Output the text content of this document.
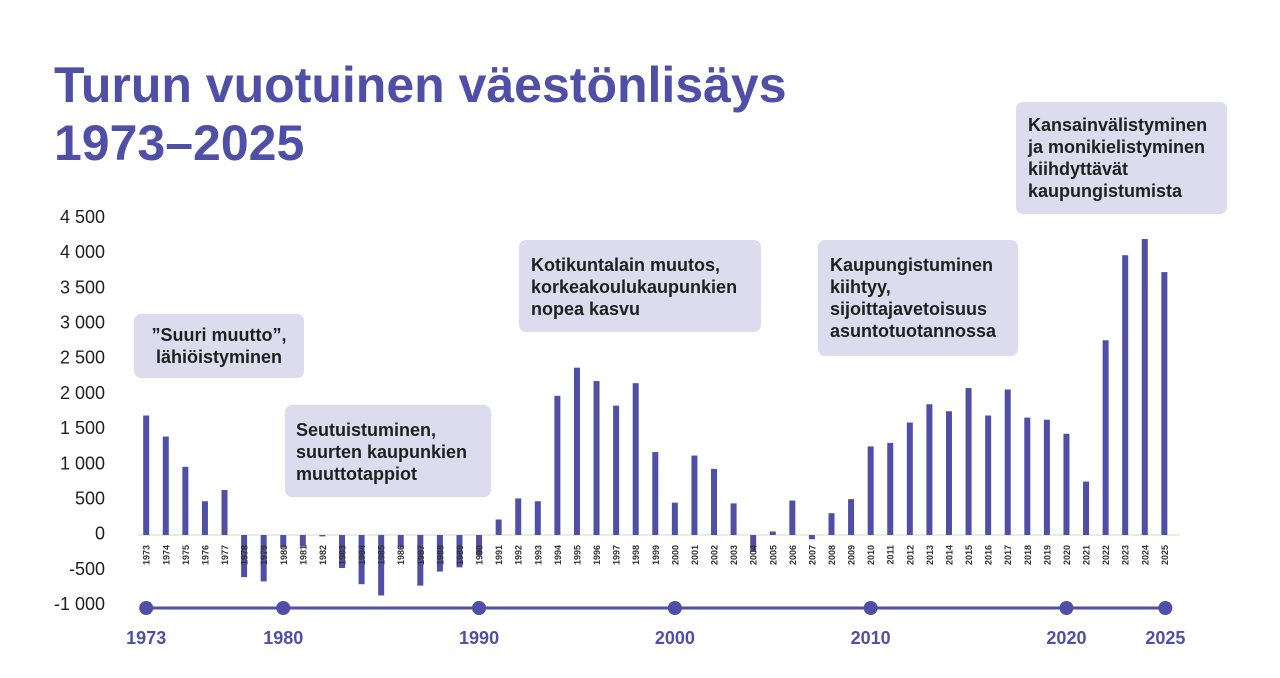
Turun vuotuinen väestönlisäys
1973–2025
4 500
4 000
3 500
3 000
2 500
2 000
1 500
1 000
500
0
-500
-1 000
1973 1974 1975 1976 1977 1978 1979 1980 1981 1982 1983 1984 1985 1986 1987 1988 1989 1990 1991 1992 1993 1994 1995 1996 1997 1998 1999 2000 2001 2002 2003 2004 2005 2006 2007 2008 2009 2010 2011 2012 2013 2014 2015 2016 2017 2018 2019 2020 2021 2022 2023 2024 2025
1973	1980	1990	2000	2010	2020	2025
”Suuri muutto”, lähiöistyminen
Seutuistuminen, suurten kaupunkien muuttotappiot
Kotikuntalain muutos, korkeakoulukaupunkien nopea kasvu
Kaupungistuminen kiihtyy, sijoittajavetoisuus asuntotuotannossa
Kansainvälistyminen ja monikielistyminen kiihdyttävät kaupungistumista
